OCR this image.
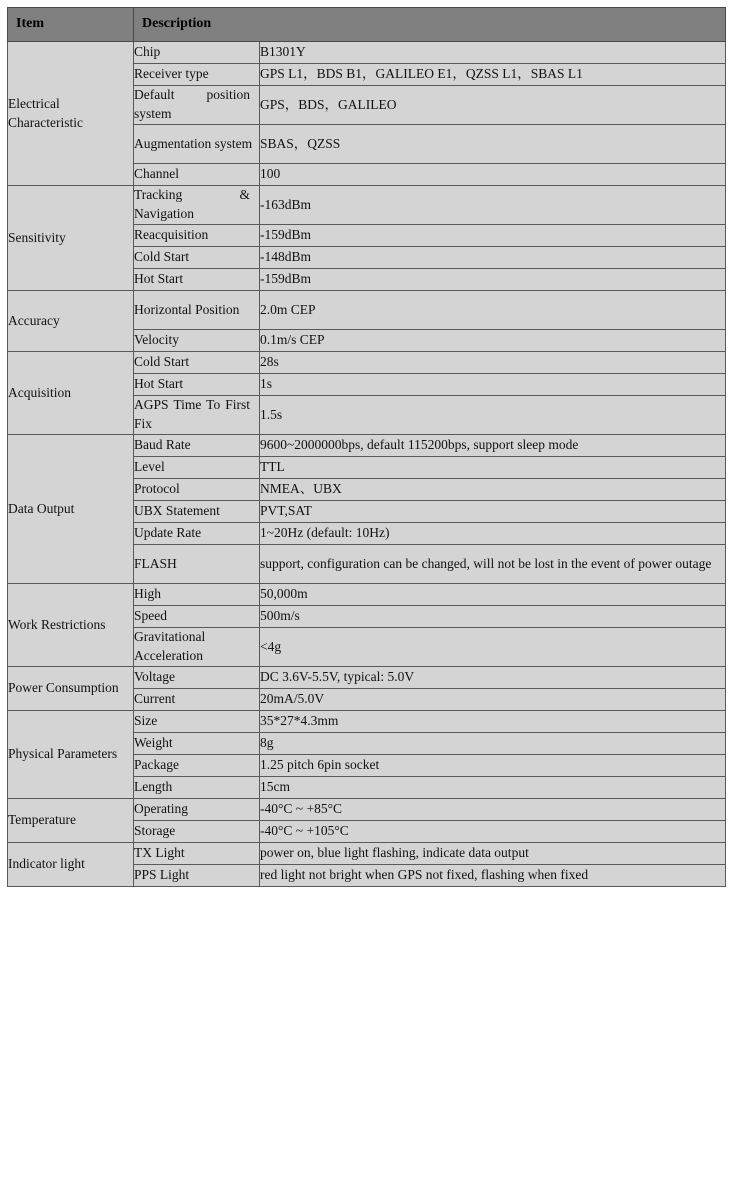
Item	Description	
Electrical Characteristic	Chip	B1301Y
	Receiver type	GPS L1，BDS B1，GALILEO E1，QZSS L1，SBAS L1
	Default position system	GPS，BDS，GALILEO
	Augmentation system	SBAS，QZSS
	Channel	100
Sensitivity	Tracking & Navigation	-163dBm
	Reacquisition	-159dBm
	Cold Start	-148dBm
	Hot Start	-159dBm
Accuracy	Horizontal Position	2.0m CEP
	Velocity	0.1m/s CEP
Acquisition	Cold Start	28s
	Hot Start	1s
	AGPS Time To First Fix	1.5s
Data Output	Baud Rate	9600~2000000bps, default 115200bps, support sleep mode
	Level	TTL
	Protocol	NMEA、UBX
	UBX Statement	PVT,SAT
	Update Rate	1~20Hz (default: 10Hz)
	FLASH	support, configuration can be changed, will not be lost in the event of power outage
Work Restrictions	High	50,000m
	Speed	500m/s
	Gravitational Acceleration	<4g
Power Consumption	Voltage	DC 3.6V-5.5V, typical: 5.0V
	Current	20mA/5.0V
Physical Parameters	Size	35*27*4.3mm
	Weight	8g
	Package	1.25 pitch 6pin socket
	Length	15cm
Temperature	Operating	-40°C ~ +85°C
	Storage	-40°C ~ +105°C
Indicator light	TX Light	power on, blue light flashing, indicate data output
	PPS Light	red light not bright when GPS not fixed, flashing when fixed
